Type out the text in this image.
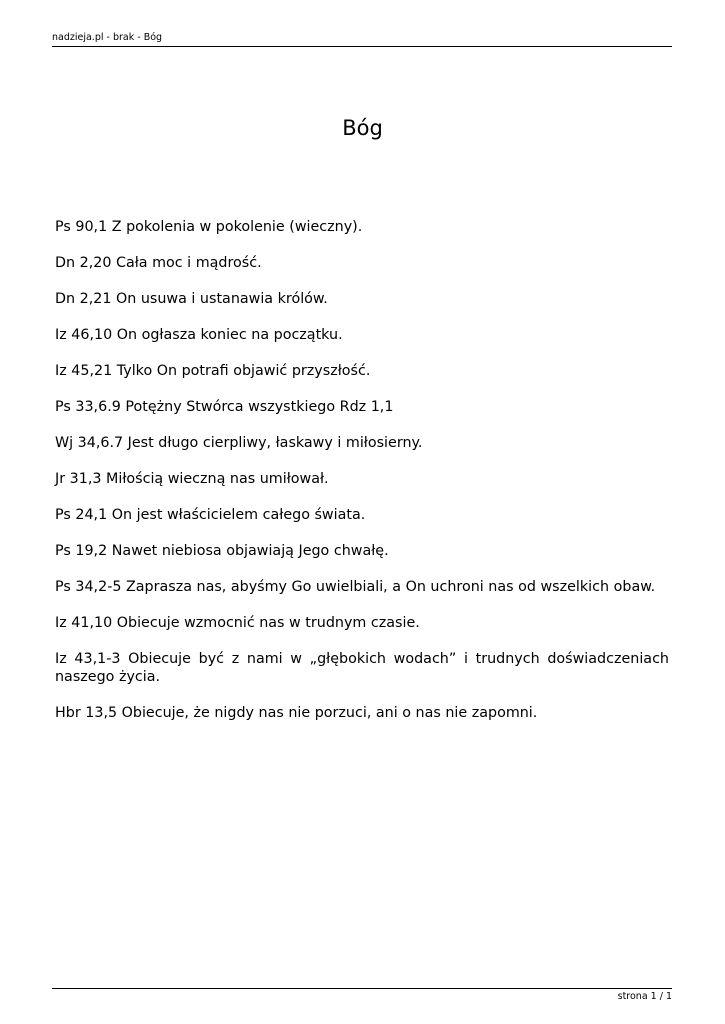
nadzieja.pl - brak - Bóg
Bóg

Ps 90,1 Z pokolenia w pokolenie (wieczny).

Dn 2,20 Cała moc i mądrość.

Dn 2,21 On usuwa i ustanawia królów.

Iz 46,10 On ogłasza koniec na początku.

Iz 45,21 Tylko On potrafi objawić przyszłość.

Ps 33,6.9 Potężny Stwórca wszystkiego Rdz 1,1

Wj 34,6.7 Jest długo cierpliwy, łaskawy i miłosierny.

Jr 31,3 Miłością wieczną nas umiłował.

Ps 24,1 On jest właścicielem całego świata.

Ps 19,2 Nawet niebiosa objawiają Jego chwałę.

Ps 34,2-5 Zaprasza nas, abyśmy Go uwielbiali, a On uchroni nas od wszelkich obaw.

Iz 41,10 Obiecuje wzmocnić nas w trudnym czasie.

Iz 43,1-3 Obiecuje być z nami w „głębokich wodach” i trudnych doświadczeniach naszego życia.

Hbr 13,5 Obiecuje, że nigdy nas nie porzuci, ani o nas nie zapomni.

strona 1 / 1
